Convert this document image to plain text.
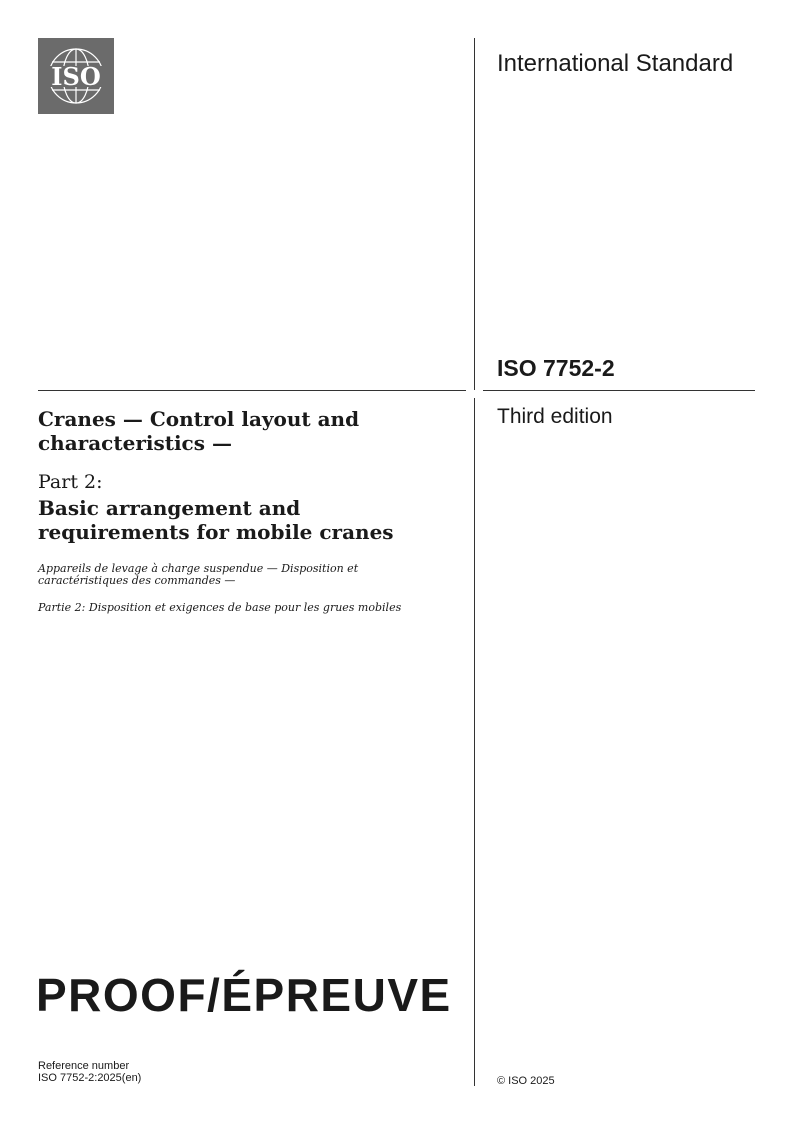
ISO	International Standard
ISO 7752-2
Third edition
Cranes — Control layout and characteristics —
Part 2:
Basic arrangement and requirements for mobile cranes
Appareils de levage à charge suspendue — Disposition et caractéristiques des commandes —
Partie 2: Disposition et exigences de base pour les grues mobiles
PROOF/ÉPREUVE
Reference number
ISO 7752-2:2025(en)	© ISO 2025
